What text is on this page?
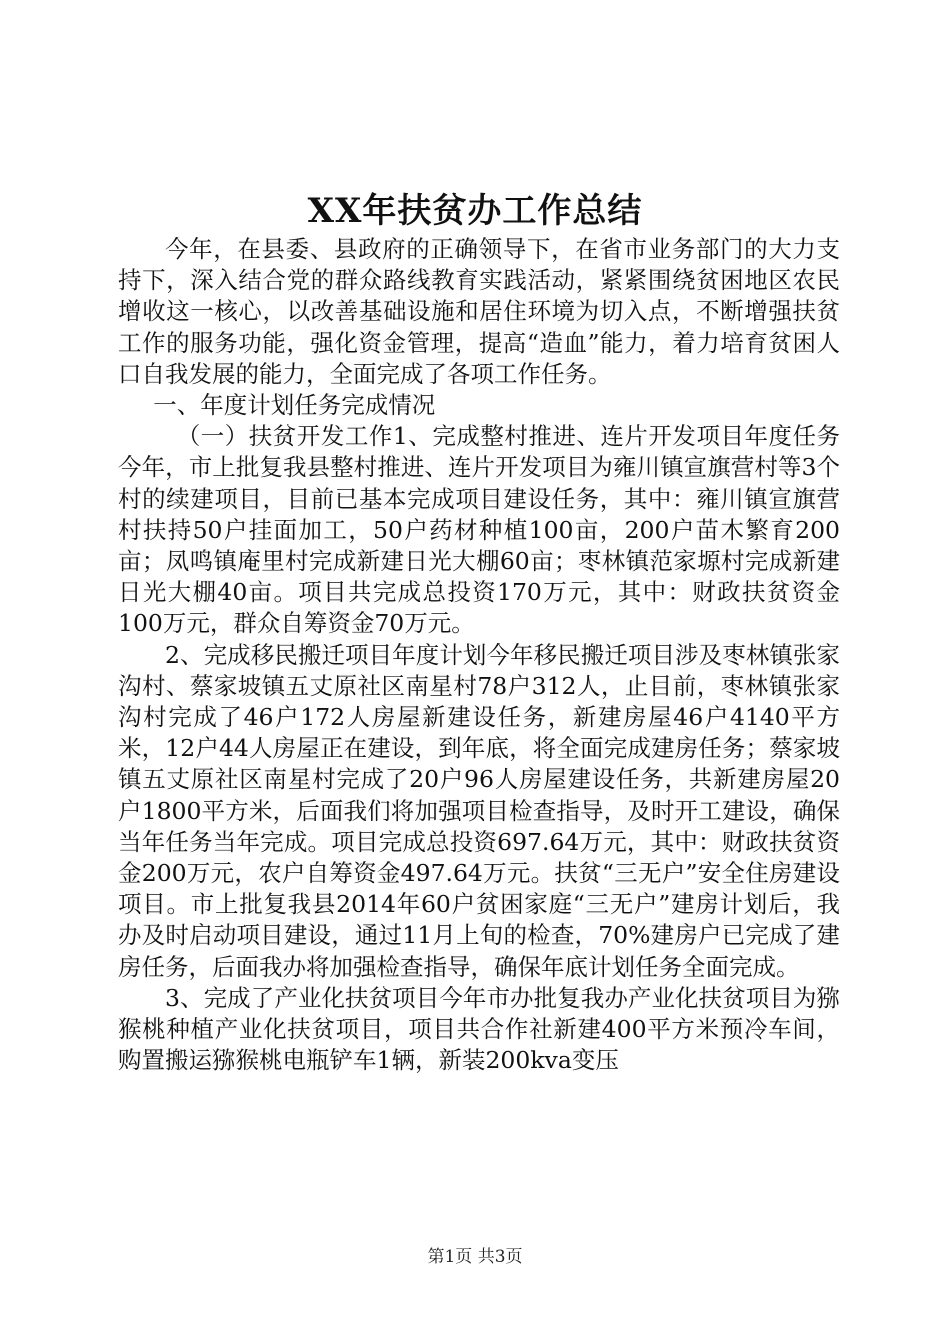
XX年扶贫办工作总结

今年，在县委、县政府的正确领导下，在省市业务部门的大力支持下，深入结合党的群众路线教育实践活动，紧紧围绕贫困地区农民增收这一核心，以改善基础设施和居住环境为切入点，不断增强扶贫工作的服务功能，强化资金管理，提高“造血”能力，着力培育贫困人口自我发展的能力，全面完成了各项工作任务。

一、年度计划任务完成情况

（一）扶贫开发工作1、完成整村推进、连片开发项目年度任务今年，市上批复我县整村推进、连片开发项目为雍川镇宣旗营村等3个村的续建项目，目前已基本完成项目建设任务，其中：雍川镇宣旗营村扶持50户挂面加工，50户药材种植100亩，200户苗木繁育200亩；凤鸣镇庵里村完成新建日光大棚60亩；枣林镇范家塬村完成新建日光大棚40亩。项目共完成总投资170万元，其中：财政扶贫资金100万元，群众自筹资金70万元。

2、完成移民搬迁项目年度计划今年移民搬迁项目涉及枣林镇张家沟村、蔡家坡镇五丈原社区南星村78户312人，止目前，枣林镇张家沟村完成了46户172人房屋新建设任务，新建房屋46户4140平方米，12户44人房屋正在建设，到年底，将全面完成建房任务；蔡家坡镇五丈原社区南星村完成了20户96人房屋建设任务，共新建房屋20户1800平方米，后面我们将加强项目检查指导，及时开工建设，确保当年任务当年完成。项目完成总投资697.64万元，其中：财政扶贫资金200万元，农户自筹资金497.64万元。扶贫“三无户”安全住房建设项目。市上批复我县2014年60户贫困家庭“三无户”建房计划后，我办及时启动项目建设，通过11月上旬的检查，70%建房户已完成了建房任务，后面我办将加强检查指导，确保年底计划任务全面完成。

3、完成了产业化扶贫项目今年市办批复我办产业化扶贫项目为猕猴桃种植产业化扶贫项目，项目共合作社新建400平方米预冷车间，购置搬运猕猴桃电瓶铲车1辆，新装200kva变压

第1页 共3页
